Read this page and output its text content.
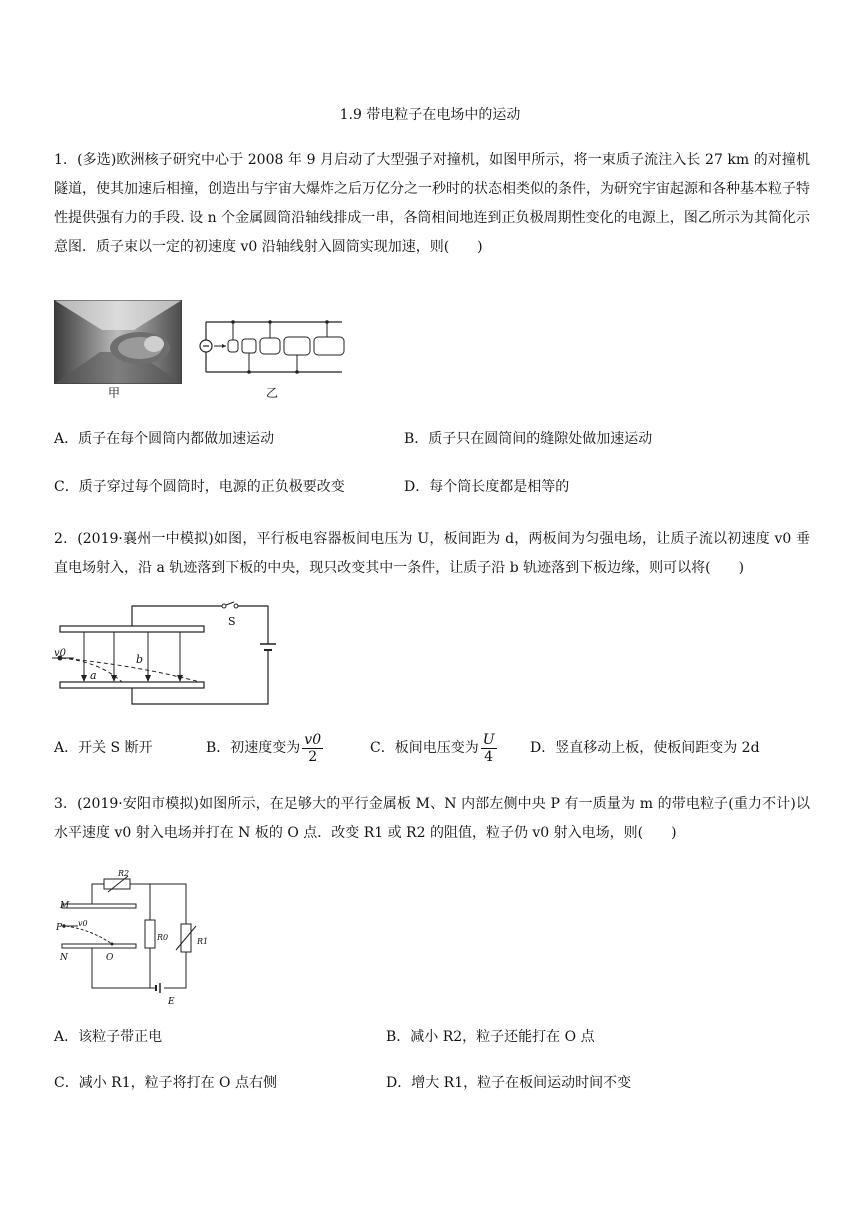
1.9 带电粒子在电场中的运动
1．(多选)欧洲核子研究中心于 2008 年 9 月启动了大型强子对撞机，如图甲所示，将一束质子流注入长 27 km 的对撞机隧道，使其加速后相撞，创造出与宇宙大爆炸之后万亿分之一秒时的状态相类似的条件，为研究宇宙起源和各种基本粒子特性提供强有力的手段. 设 n 个金属圆筒沿轴线排成一串，各筒相间地连到正负极周期性变化的电源上，图乙所示为其简化示意图．质子束以一定的初速度 v0 沿轴线射入圆筒实现加速，则(　　)
甲	乙
A．质子在每个圆筒内都做加速运动	B．质子只在圆筒间的缝隙处做加速运动
C．质子穿过每个圆筒时，电源的正负极要改变	D．每个筒长度都是相等的
2．(2019·襄州一中模拟)如图，平行板电容器板间电压为 U，板间距为 d，两板间为匀强电场，让质子流以初速度 v0 垂直电场射入，沿 a 轨迹落到下板的中央，现只改变其中一条件，让质子沿 b 轨迹落到下板边缘，则可以将(　　)
S
v0	b
a
A．开关 S 断开	B．初速度变为 $\frac{v0}{2}$	C．板间电压变为 $\frac{U}{4}$ D．竖直移动上板，使板间距变为 2d
3．(2019·安阳市模拟)如图所示，在足够大的平行金属板 M、N 内部左侧中央 P 有一质量为 m 的带电粒子(重力不计)以水平速度 v0 射入电场并打在 N 板的 O 点．改变 R1 或 R2 的阻值，粒子仍 v0 射入电场，则(　　)
M
P v0
N	O
R2
R0	R1
E
A．该粒子带正电	B．减小 R2，粒子还能打在 O 点
C．减小 R1，粒子将打在 O 点右侧	D．增大 R1，粒子在板间运动时间不变
